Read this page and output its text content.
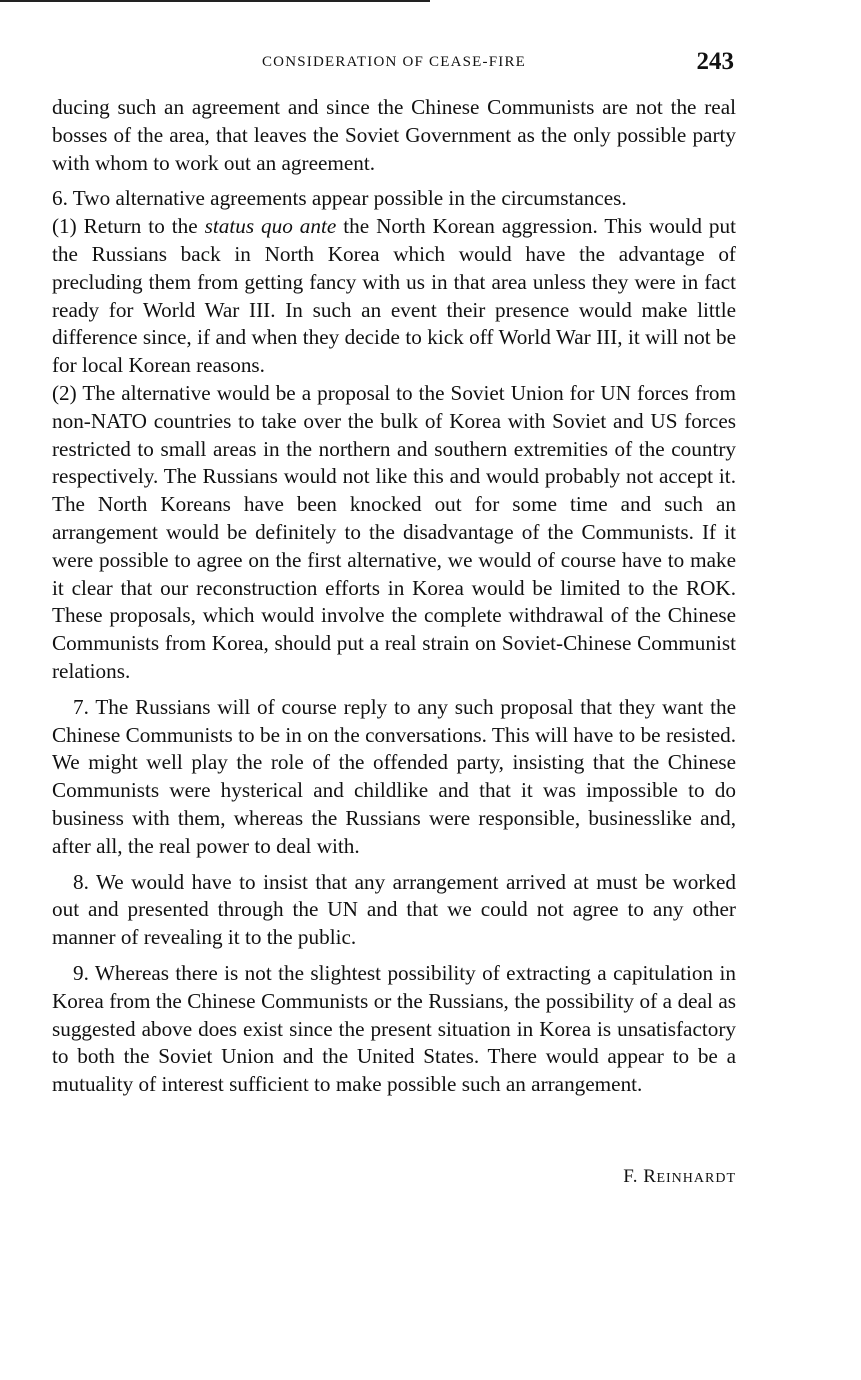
CONSIDERATION OF CEASE-FIRE	243

ducing such an agreement and since the Chinese Communists are not the real bosses of the area, that leaves the Soviet Government as the only possible party with whom to work out an agreement.

6. Two alternative agreements appear possible in the circumstances.

(1) Return to the status quo ante the North Korean aggression. This would put the Russians back in North Korea which would have the advantage of precluding them from getting fancy with us in that area unless they were in fact ready for World War III. In such an event their presence would make little difference since, if and when they decide to kick off World War III, it will not be for local Korean reasons.

(2) The alternative would be a proposal to the Soviet Union for UN forces from non-NATO countries to take over the bulk of Korea with Soviet and US forces restricted to small areas in the northern and southern extremities of the country respectively. The Russians would not like this and would probably not accept it. The North Koreans have been knocked out for some time and such an arrangement would be definitely to the disadvantage of the Communists. If it were possible to agree on the first alternative, we would of course have to make it clear that our reconstruction efforts in Korea would be limited to the ROK. These proposals, which would involve the complete withdrawal of the Chinese Communists from Korea, should put a real strain on Soviet-Chinese Communist relations.

7. The Russians will of course reply to any such proposal that they want the Chinese Communists to be in on the conversations. This will have to be resisted. We might well play the role of the offended party, insisting that the Chinese Communists were hysterical and childlike and that it was impossible to do business with them, whereas the Russians were responsible, businesslike and, after all, the real power to deal with.

8. We would have to insist that any arrangement arrived at must be worked out and presented through the UN and that we could not agree to any other manner of revealing it to the public.

9. Whereas there is not the slightest possibility of extracting a capitulation in Korea from the Chinese Communists or the Russians, the possibility of a deal as suggested above does exist since the present situation in Korea is unsatisfactory to both the Soviet Union and the United States. There would appear to be a mutuality of interest sufficient to make possible such an arrangement.

F. REINHARDT
